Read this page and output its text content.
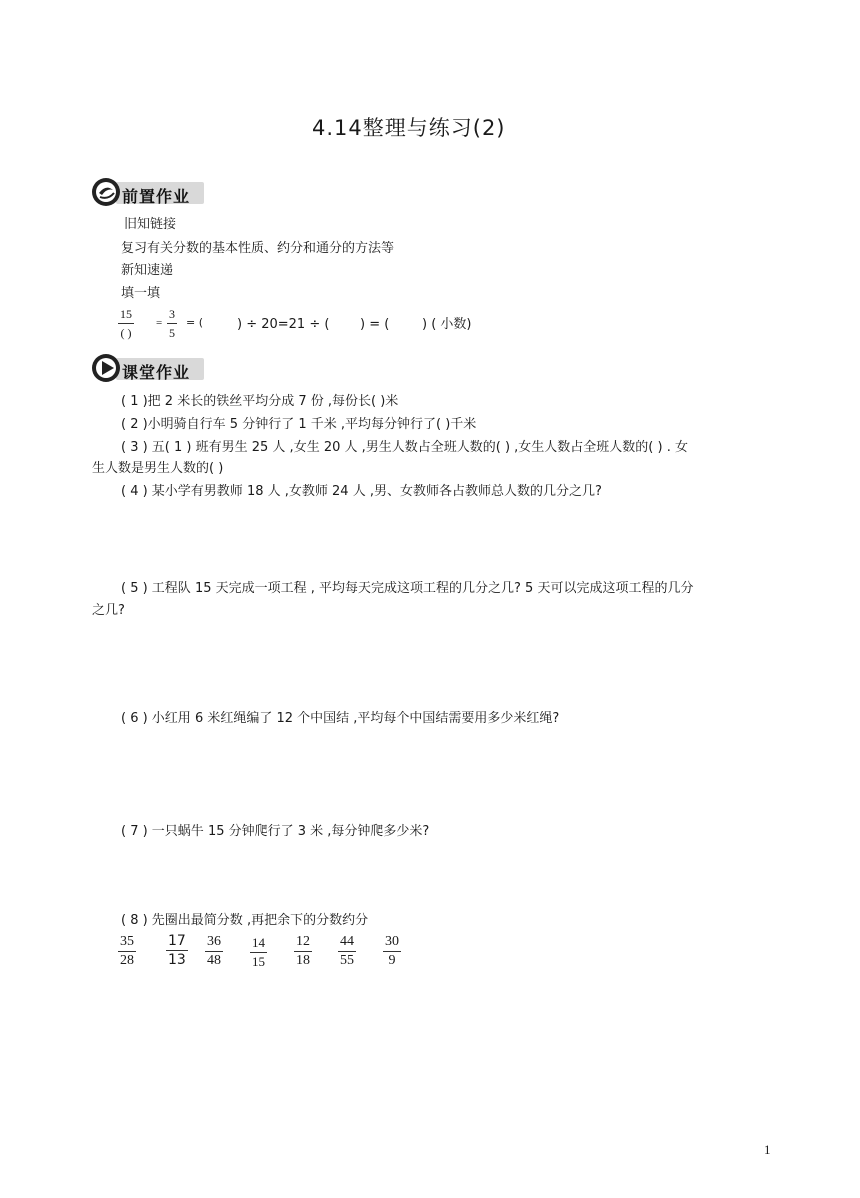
4.14整理与练习(2)
前置作业
旧知链接
复习有关分数的基本性质、约分和通分的方法等
新知速递
填一填
15
( )
= $\frac{3}{5}$ = (	) ÷ 20=21 ÷ ( ) = (	) ( 小数)
课堂作业
( 1 )把 2 米长的铁丝平均分成 7 份 ,每份长( )米
( 2 )小明骑自行车 5 分钟行了 1 千米 ,平均每分钟行了( )千米
( 3 ) 五( 1 ) 班有男生 25 人 ,女生 20 人 ,男生人数占全班人数的( ) ,女生人数占全班人数的( ) . 女
生人数是男生人数的( )
( 4 ) 某小学有男教师 18 人 ,女教师 24 人 ,男、女教师各占教师总人数的几分之几?
( 5 ) 工程队 15 天完成一项工程 , 平均每天完成这项工程的几分之几? 5 天可以完成这项工程的几分
之几?
( 6 ) 小红用 6 米红绳编了 12 个中国结 ,平均每个中国结需要用多少米红绳?
( 7 ) 一只蜗牛 15 分钟爬行了 3 米 ,每分钟爬多少米?
( 8 ) 先圈出最简分数 ,再把余下的分数约分
$\frac{35}{28} \frac{17}{13} \frac{36}{48} \frac{14}{15} \frac{12}{18} \frac{44}{55} \frac{30}{9}$
1
